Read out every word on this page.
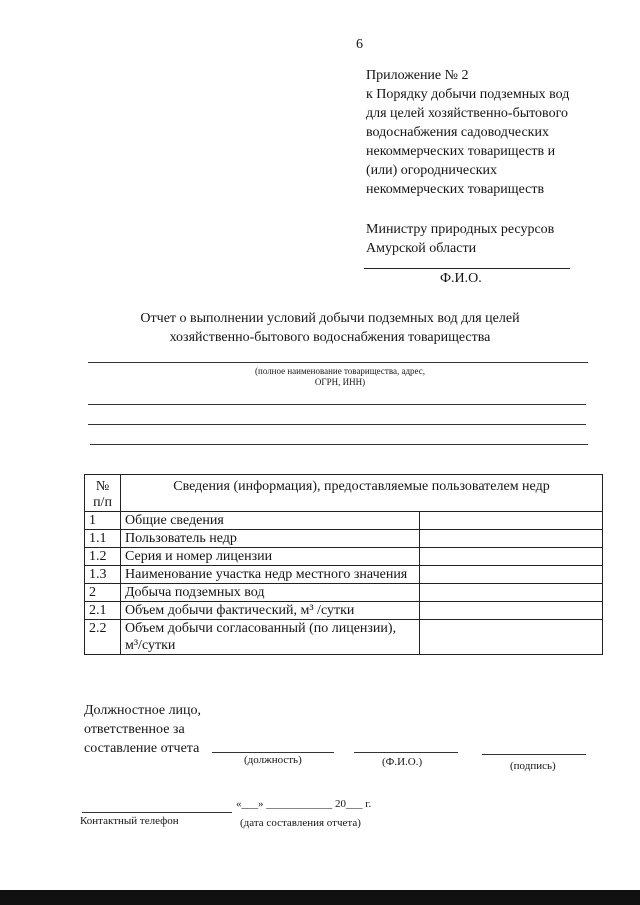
6
Приложение № 2
к Порядку добычи подземных вод
для целей хозяйственно-бытового
водоснабжения садоводческих
некоммерческих товариществ и
(или) огороднических
некоммерческих товариществ
Министру природных ресурсов
Амурской области
Ф.И.О.
Отчет о выполнении условий добычи подземных вод для целей
хозяйственно-бытового водоснабжения товарищества
(полное наименование товарищества, адрес,
ОГРН, ИНН)
№
п/п	Сведения (информация), предоставляемые пользователем недр	
1	Общие сведения	
1.1	Пользователь недр	
1.2	Серия и номер лицензии	
1.3	Наименование участка недр местного значения	
2	Добыча подземных вод	
2.1	Объем добычи фактический, м³ /сутки	
2.2	Объем добычи согласованный (по лицензии), м³/сутки	
Должностное лицо,
ответственное за
составление отчета
(должность)	(Ф.И.О.)	(подпись)
Контактный телефон
«___» ____________ 20___ г.
(дата составления отчета)
